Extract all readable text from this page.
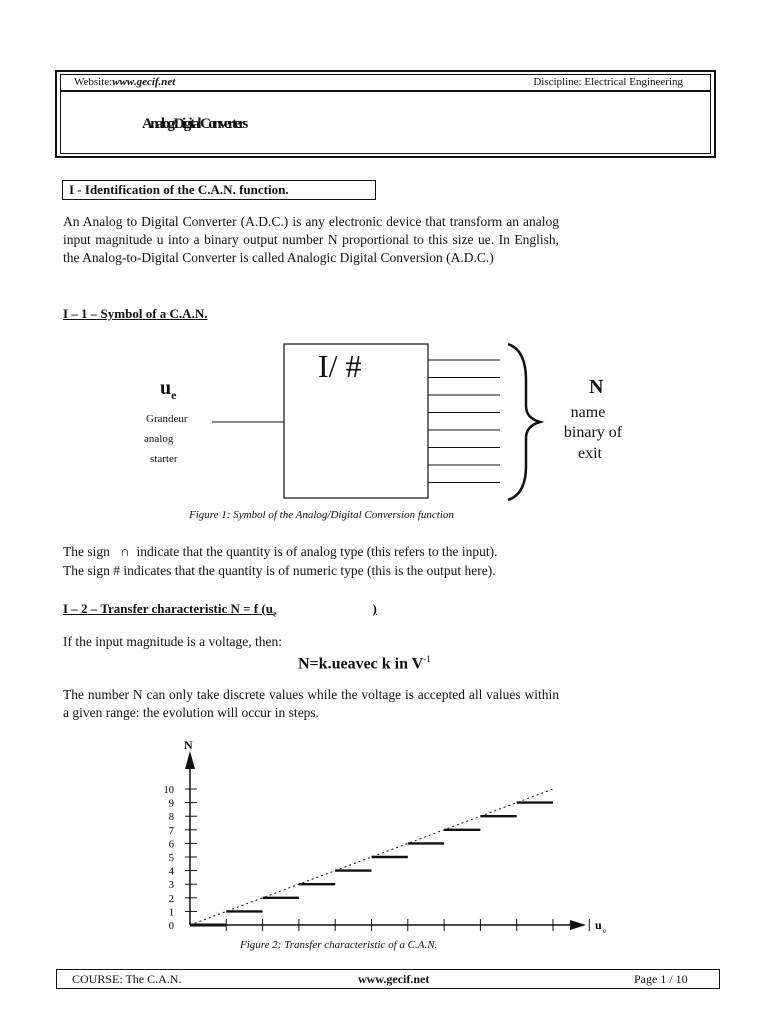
Website:www.gecif.net	Discipline: Electrical Engineering
Analog/Digital Converters
I - Identification of the C.A.N. function.
An Analog to Digital Converter (A.D.C.) is any electronic device that transform an analog input magnitude u into a binary output number N proportional to this size ue. In English, the Analog-to-Digital Converter is called Analogic Digital Conversion (A.D.C.)
I – 1 – Symbol of a C.A.N.
$u_e$
Grandeur
analog
starter
I/ #
N
name
binary of
exit
Figure 1: Symbol of the Analog/Digital Conversion function
The sign ∩ indicate that the quantity is of analog type (this refers to the input).
The sign # indicates that the quantity is of numeric type (this is the output here).
I – 2 – Transfer characteristic N = f ($u_e$	)
If the input magnitude is a voltage, then:
N=k.ueavec k in $V^{-1}$
The number N can only take discrete values while the voltage is accepted all values within a given range: the evolution will occur in steps.
N
u e
0
1
2
3
4
5
6
7
8
9
10
Figure 2: Transfer characteristic of a C.A.N.
COURSE: The C.A.N.	www.gecif.net	Page 1 / 10
